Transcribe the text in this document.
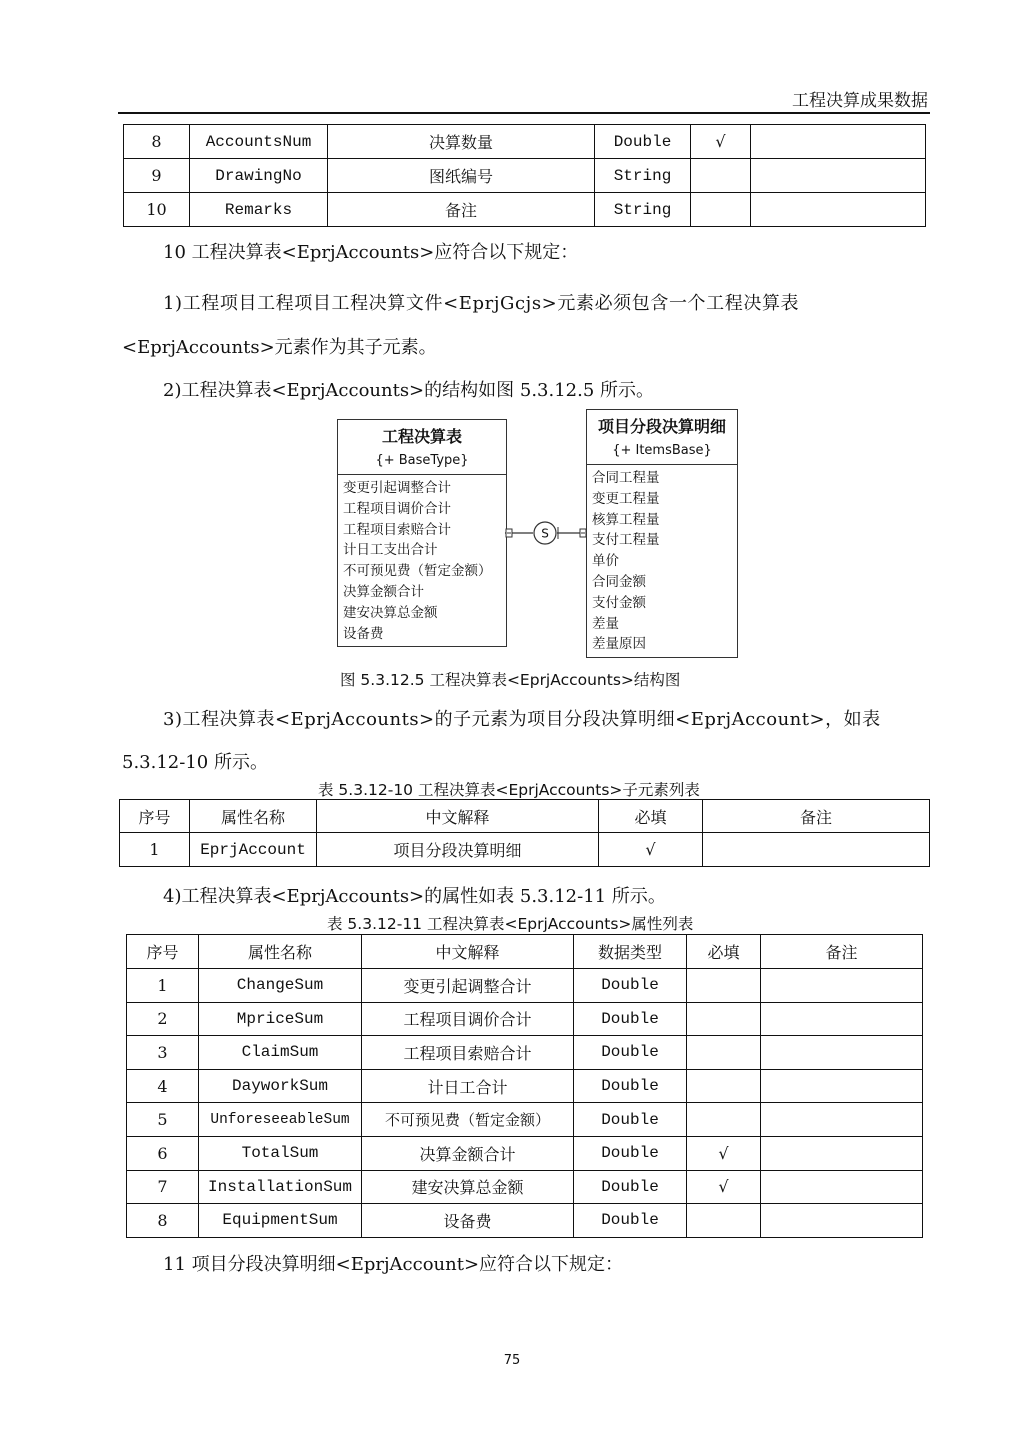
工程决算成果数据
8	AccountsNum	决算数量	Double	√	
9	DrawingNo	图纸编号	String		
10	Remarks	备注	String		
10 工程决算表<EprjAccounts>应符合以下规定：
1)工程项目工程项目工程决算文件<EprjGcjs>元素必须包含一个工程决算表
<EprjAccounts>元素作为其子元素。
2)工程决算表<EprjAccounts>的结构如图 5.3.12.5 所示。
工程决算表
{+ BaseType}
变更引起调整合计
工程项目调价合计
工程项目索赔合计
计日工支出合计
不可预见费（暂定金额）
决算金额合计
建安决算总金额
设备费
项目分段决算明细
{+ ItemsBase}
合同工程量
变更工程量
核算工程量
支付工程量
单价
合同金额
支付金额
差量
差量原因
S
图 5.3.12.5 工程决算表<EprjAccounts>结构图
3)工程决算表<EprjAccounts>的子元素为项目分段决算明细<EprjAccount>，如表
5.3.12-10 所示。
表 5.3.12-10 工程决算表<EprjAccounts>子元素列表
序号	属性名称	中文解释	必填	备注
1	EprjAccount	项目分段决算明细	√	
4)工程决算表<EprjAccounts>的属性如表 5.3.12-11 所示。
表 5.3.12-11 工程决算表<EprjAccounts>属性列表
序号	属性名称	中文解释	数据类型	必填	备注
1	ChangeSum	变更引起调整合计	Double		
2	MpriceSum	工程项目调价合计	Double		
3	ClaimSum	工程项目索赔合计	Double		
4	DayworkSum	计日工合计	Double		
5	UnforeseeableSum	不可预见费（暂定金额）	Double		
6	TotalSum	决算金额合计	Double	√	
7	InstallationSum	建安决算总金额	Double	√	
8	EquipmentSum	设备费	Double		
11 项目分段决算明细<EprjAccount>应符合以下规定：
75
